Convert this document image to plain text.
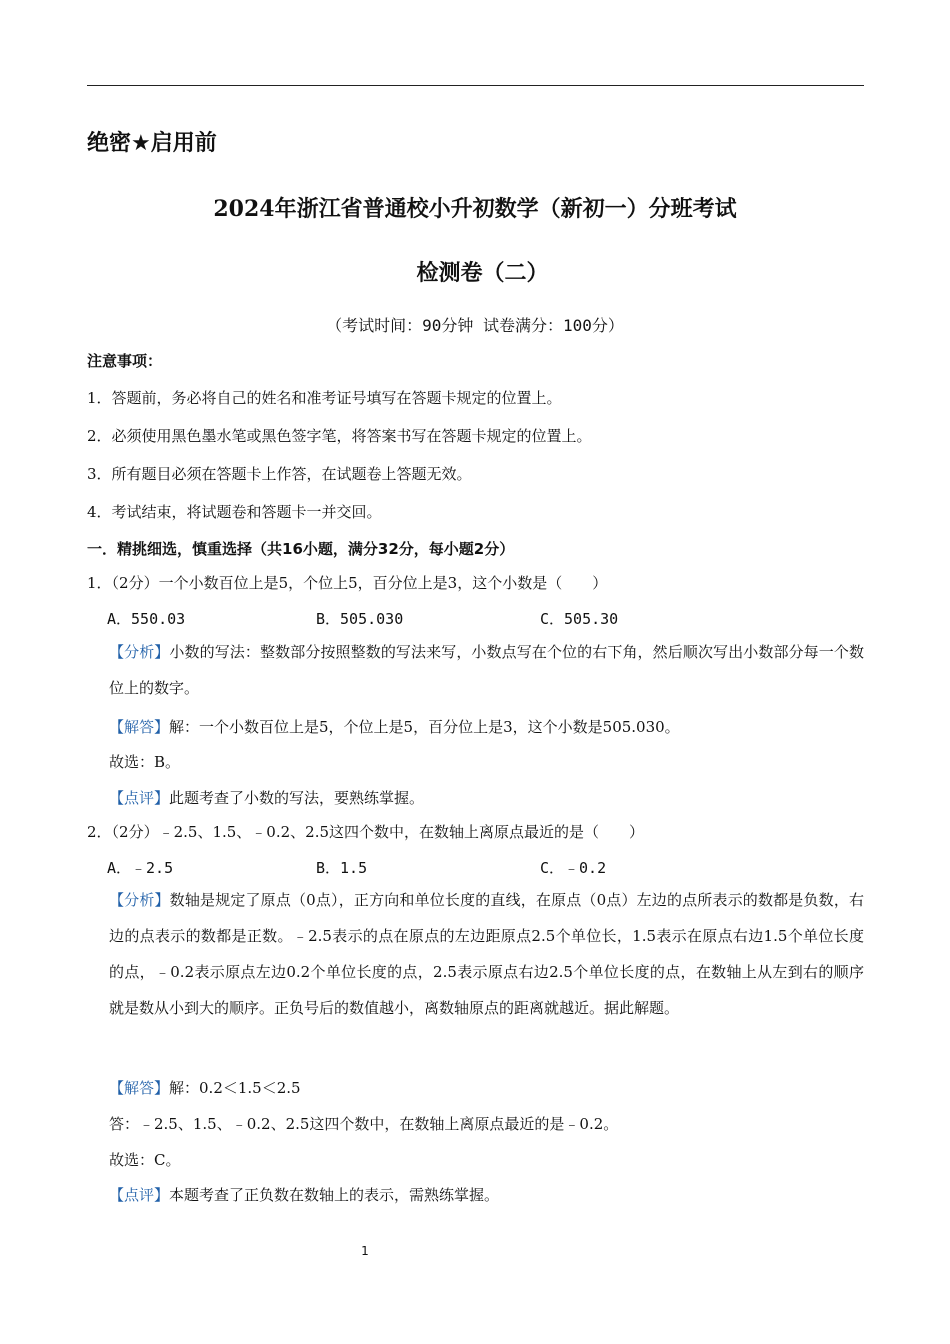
绝密★启用前
2024年浙江省普通校小升初数学（新初一）分班考试
检测卷（二）
（考试时间：90分钟 试卷满分：100分）
注意事项：
1．答题前，务必将自己的姓名和准考证号填写在答题卡规定的位置上。
2．必须使用黑色墨水笔或黑色签字笔，将答案书写在答题卡规定的位置上。
3．所有题目必须在答题卡上作答，在试题卷上答题无效。
4．考试结束，将试题卷和答题卡一并交回。
一．精挑细选，慎重选择（共16小题，满分32分，每小题2分）
1．（2分）一个小数百位上是5，个位上5，百分位上是3，这个小数是（　　）
A．550.03	B．505.030	C．505.30
【分析】小数的写法：整数部分按照整数的写法来写，小数点写在个位的右下角，然后顺次写出小数部分每一个数位上的数字。
【解答】解：一个小数百位上是5，个位上是5，百分位上是3，这个小数是505.030。
故选：B。
【点评】此题考查了小数的写法，要熟练掌握。
2．（2分）﹣2.5、1.5、﹣0.2、2.5这四个数中，在数轴上离原点最近的是（　　）
A．﹣2.5	B．1.5	C．﹣0.2
【分析】数轴是规定了原点（0点），正方向和单位长度的直线，在原点（0点）左边的点所表示的数都是负数，右边的点表示的数都是正数。﹣2.5表示的点在原点的左边距原点2.5个单位长，1.5表示在原点右边1.5个单位长度的点，﹣0.2表示原点左边0.2个单位长度的点，2.5表示原点右边2.5个单位长度的点，在数轴上从左到右的顺序就是数从小到大的顺序。正负号后的数值越小，离数轴原点的距离就越近。据此解题。
【解答】解：0.2＜1.5＜2.5
答：﹣2.5、1.5、﹣0.2、2.5这四个数中，在数轴上离原点最近的是﹣0.2。
故选：C。
【点评】本题考查了正负数在数轴上的表示，需熟练掌握。
1
